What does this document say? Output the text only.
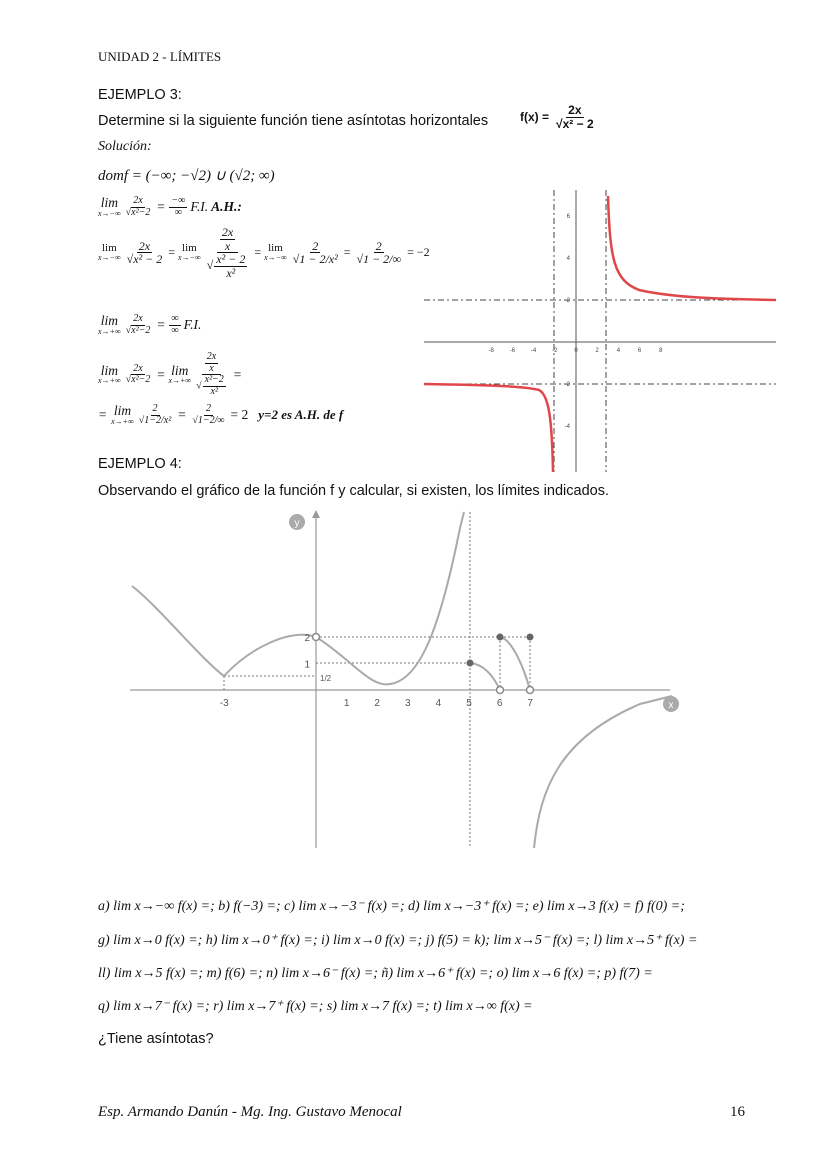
UNIDAD 2 - LÍMITES
EJEMPLO 3:
Determine si la siguiente función tiene asíntotas horizontales	$f(x) = \frac{2x}{\text{√x² − 2}}$
Solución:
domf = (−∞; −√2) ∪ (√2; ∞)
lim
$x\to-\infty \frac{2x}{\text{√x²−2}} = \frac{-\infty}{\infty} F.I$. A.H.:
lim
$x\to-\infty \frac{2x}{\text{√x² − 2}} = \lim$
$x\to-\infty \frac{\frac{2x}{x}}{√ \frac{\text{x² − 2}}{\text{x²}}} = \lim$
$x\to-\infty \frac{2}{\text{√1 − 2/x²}} = \frac{2}{√1 - 2/\infty} = -2$
lim
$x\to+\infty \frac{2x}{\text{√x²−2}} = \frac{\infty}{\infty} F.I$.
lim
$x\to+\infty \frac{2x}{\text{√x²−2}} = \lim$
$x\to+\infty \frac{\frac{2x}{x}}{√ \frac{\text{x²−2}}{\text{x²}}}$ =
= lim
$x\to+\infty \frac{2}{\text{√1−2/x²}} = \frac{2}{√1-2/\infty} = 2$ y=2 es A.H. de f
-8	-6	-4	-2	0	2	4	6	8
6
4
2
-2
-4
EJEMPLO 4:
Observando el gráfico de la función f y calcular, si existen, los límites indicados.
y
x
-3	1	2	3	4	5	6	7
2
1
1/2
a) lim x→−∞ f(x) =; b) f(−3) =; c) lim x→−3⁻ f(x) =; d) lim x→−3⁺ f(x) =; e) lim x→3 f(x) = f) f(0) =;
g) lim x→0 f(x) =; h) lim x→0⁺ f(x) =; i) lim x→0 f(x) =; j) f(5) = k); lim x→5⁻ f(x) =; l) lim x→5⁺ f(x) =
ll) lim x→5 f(x) =; m) f(6) =; n) lim x→6⁻ f(x) =; ñ) lim x→6⁺ f(x) =; o) lim x→6 f(x) =; p) f(7) =
q) lim x→7⁻ f(x) =; r) lim x→7⁺ f(x) =; s) lim x→7 f(x) =; t) lim x→∞ f(x) =
¿Tiene asíntotas?
Esp. Armando Danún - Mg. Ing. Gustavo Menocal	16
